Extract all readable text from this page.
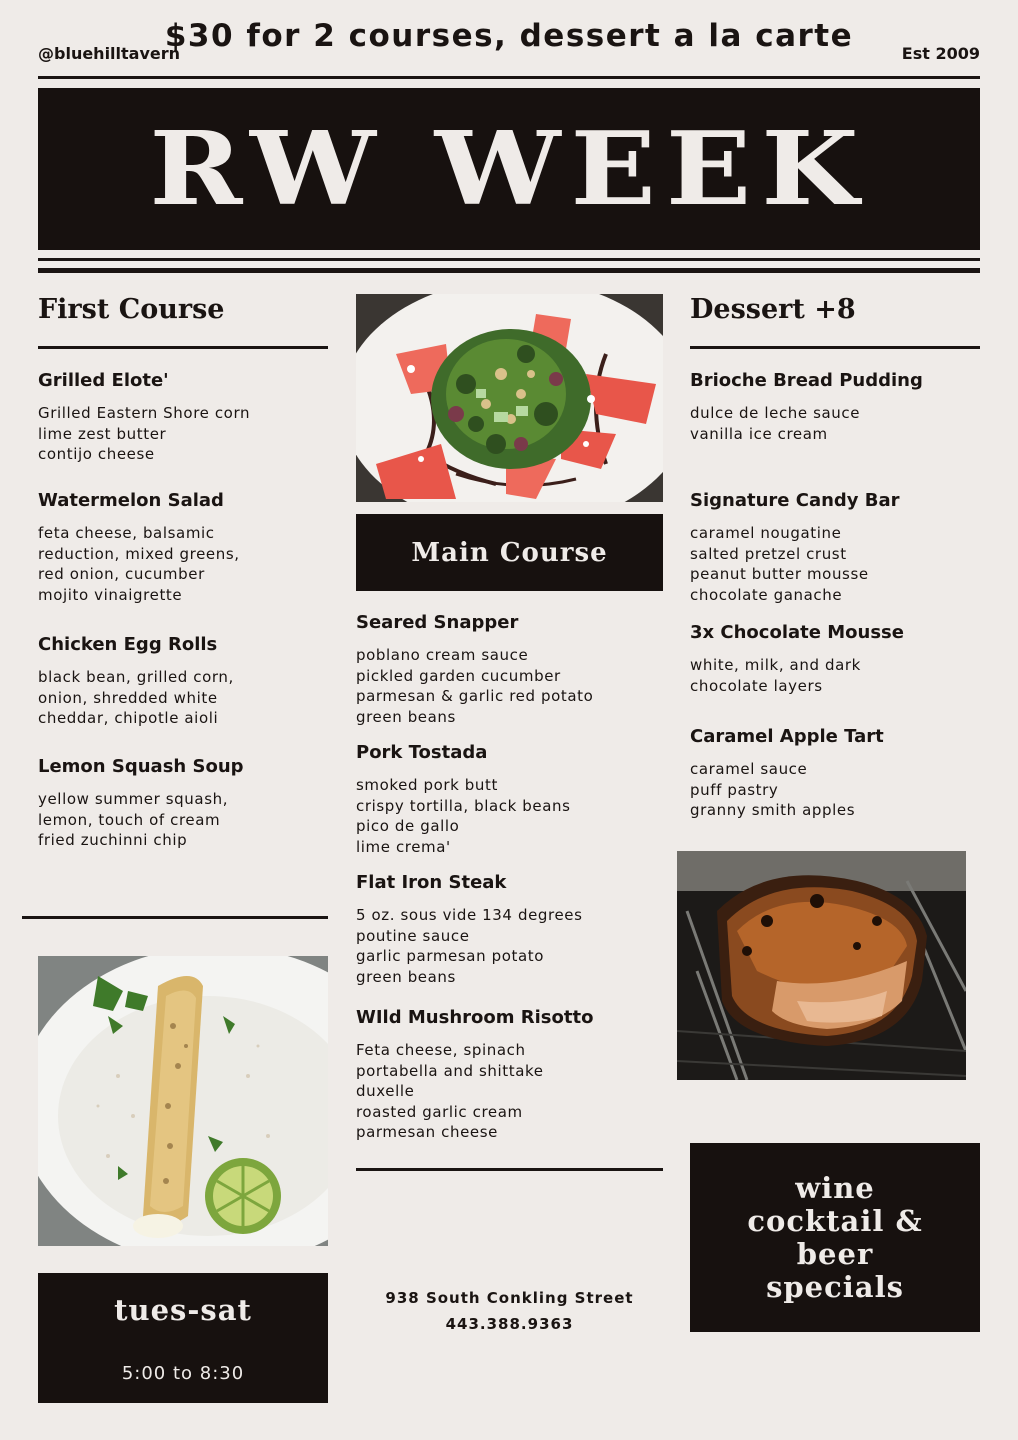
@bluehilltavern
$30 for 2 courses, dessert a la carte	Est 2009
RW WEEK
First Course
Grilled Elote'
Grilled Eastern Shore corn
lime zest butter
contijo cheese
Watermelon Salad
feta cheese, balsamic
reduction, mixed greens,
red onion, cucumber
mojito vinaigrette
Chicken Egg Rolls
black bean, grilled corn,
onion, shredded white
cheddar, chipotle aioli
Lemon Squash Soup
yellow summer squash,
lemon, touch of cream
fried zuchinni chip
tues-sat
5:00 to 8:30
Main Course
Seared Snapper
poblano cream sauce
pickled garden cucumber
parmesan & garlic red potato
green beans
Pork Tostada
smoked pork butt
crispy tortilla, black beans
pico de gallo
lime crema'
Flat Iron Steak
5 oz. sous vide 134 degrees
poutine sauce
garlic parmesan potato
green beans
WIld Mushroom Risotto
Feta cheese, spinach
portabella and shittake
duxelle
roasted garlic cream
parmesan cheese
938 South Conkling Street
443.388.9363
Dessert +8
Brioche Bread Pudding
dulce de leche sauce
vanilla ice cream
Signature Candy Bar
caramel nougatine
salted pretzel crust
peanut butter mousse
chocolate ganache
3x Chocolate Mousse
white, milk, and dark
chocolate layers
Caramel Apple Tart
caramel sauce
puff pastry
granny smith apples
wine
cocktail &
beer
specials
